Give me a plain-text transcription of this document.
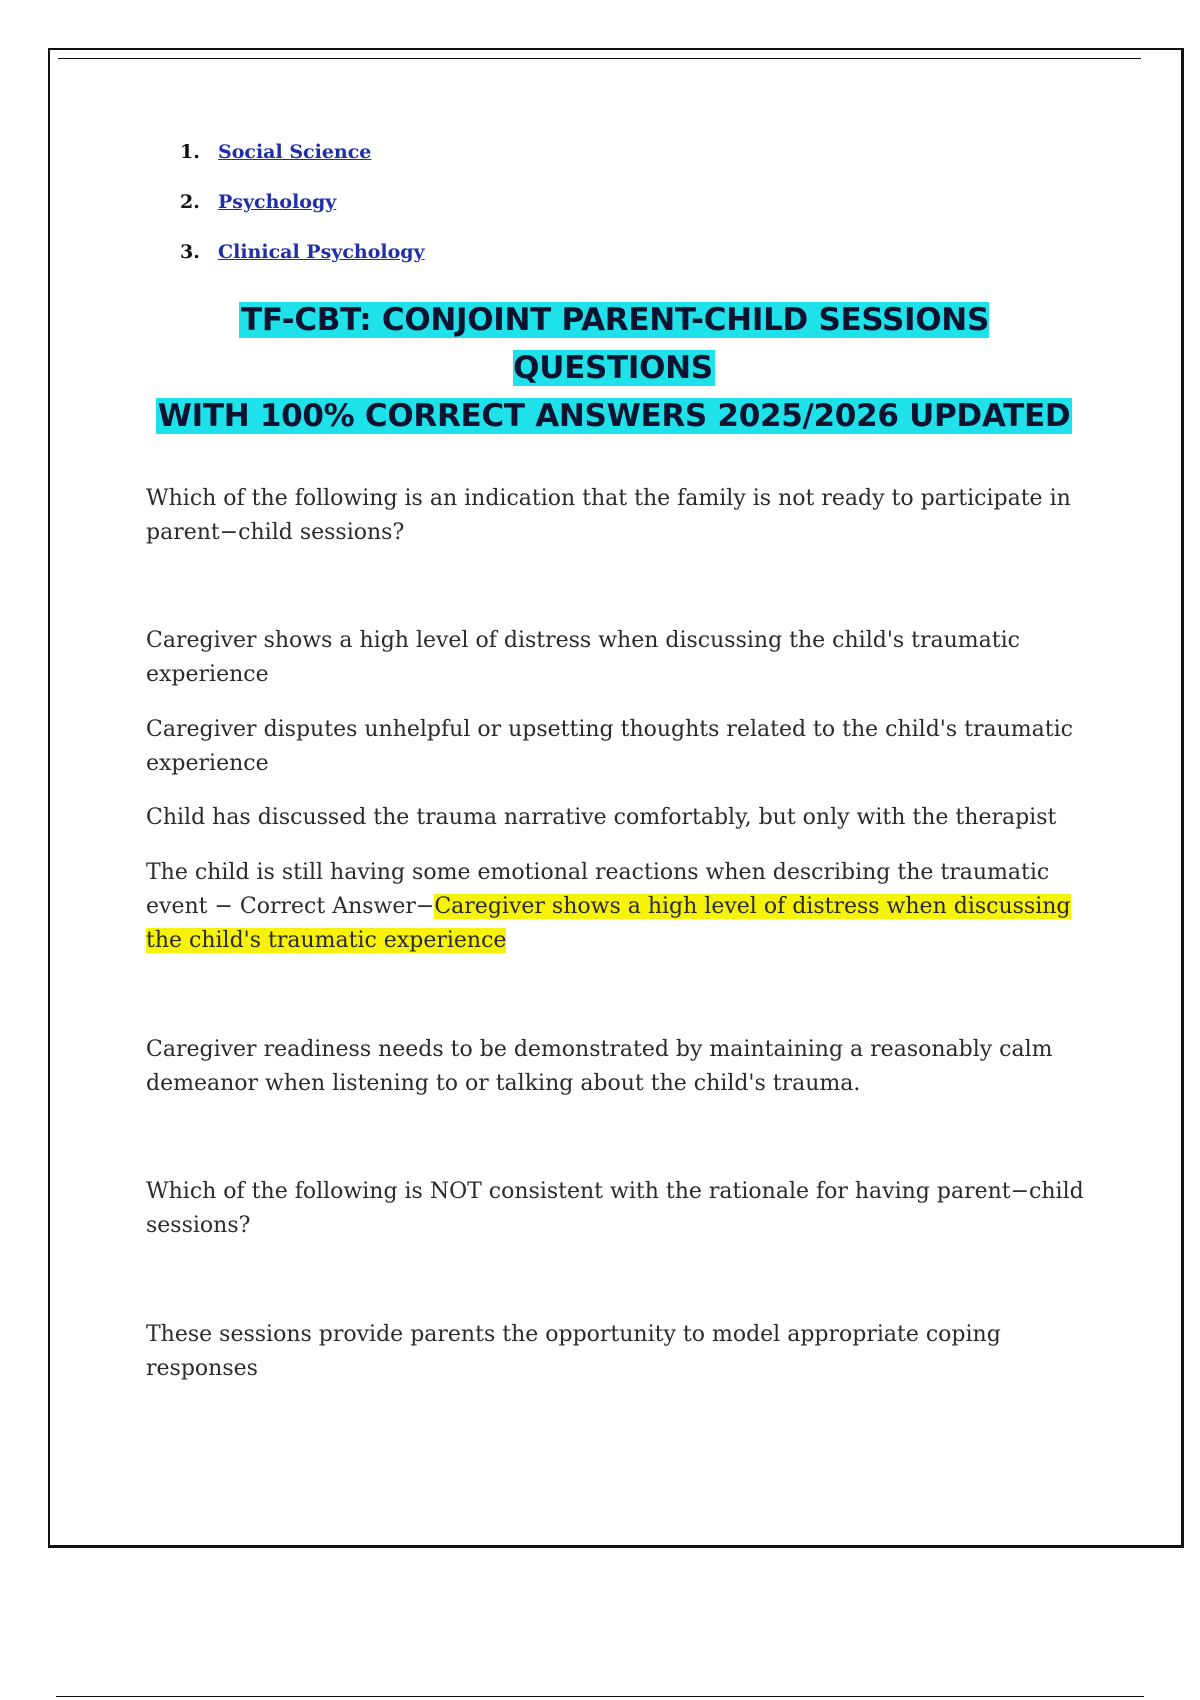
1. Social Science
2. Psychology
3. Clinical Psychology
TF-CBT: CONJOINT PARENT-CHILD SESSIONS QUESTIONS
WITH 100% CORRECT ANSWERS 2025/2026 UPDATED

Which of the following is an indication that the family is not ready to participate in parent−child sessions?

Caregiver shows a high level of distress when discussing the child's traumatic experience

Caregiver disputes unhelpful or upsetting thoughts related to the child's traumatic experience

Child has discussed the trauma narrative comfortably, but only with the therapist

The child is still having some emotional reactions when describing the traumatic event − Correct Answer−Caregiver shows a high level of distress when discussing the child's traumatic experience

Caregiver readiness needs to be demonstrated by maintaining a reasonably calm demeanor when listening to or talking about the child's trauma.

Which of the following is NOT consistent with the rationale for having parent−child sessions?

These sessions provide parents the opportunity to model appropriate coping responses
